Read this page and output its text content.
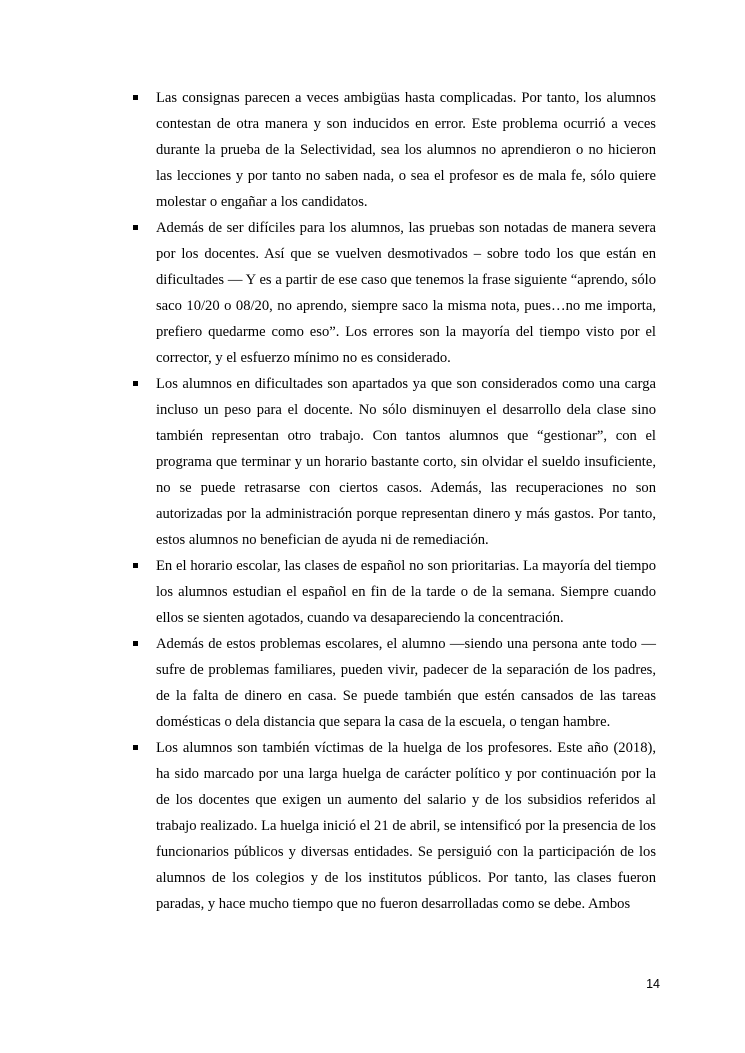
Las consignas parecen a veces ambigüas hasta complicadas. Por tanto, los alumnos contestan de otra manera y son inducidos en error. Este problema ocurrió a veces durante la prueba de la Selectividad, sea los alumnos no aprendieron o no hicieron las lecciones y por tanto no saben nada, o sea el profesor es de mala fe, sólo quiere molestar o engañar a los candidatos.
Además de ser difíciles para los alumnos, las pruebas son notadas de manera severa por los docentes. Así que se vuelven desmotivados – sobre todo los que están en dificultades ― Y es a partir de ese caso que tenemos la frase siguiente “aprendo, sólo saco 10/20 o 08/20, no aprendo, siempre saco la misma nota, pues…no me importa, prefiero quedarme como eso”. Los errores son la mayoría del tiempo visto por el corrector, y el esfuerzo mínimo no es considerado.
Los alumnos en dificultades son apartados ya que son considerados como una carga incluso un peso para el docente. No sólo disminuyen el desarrollo dela clase sino también representan otro trabajo. Con tantos alumnos que “gestionar”, con el programa que terminar y un horario bastante corto, sin olvidar el sueldo insuficiente, no se puede retrasarse con ciertos casos. Además, las recuperaciones no son autorizadas por la administración porque representan dinero y más gastos. Por tanto, estos alumnos no benefician de ayuda ni de remediación.
En el horario escolar, las clases de español no son prioritarias. La mayoría del tiempo los alumnos estudian el español en fin de la tarde o de la semana. Siempre cuando ellos se sienten agotados, cuando va desapareciendo la concentración.
Además de estos problemas escolares, el alumno —siendo una persona ante todo — sufre de problemas familiares, pueden vivir, padecer de la separación de los padres, de la falta de dinero en casa. Se puede también que estén cansados de las tareas domésticas o dela distancia que separa la casa de la escuela, o tengan hambre.
Los alumnos son también víctimas de la huelga de los profesores. Este año (2018), ha sido marcado por una larga huelga de carácter político y por continuación por la de los docentes que exigen un aumento del salario y de los subsidios referidos al trabajo realizado. La huelga inició el 21 de abril, se intensificó por la presencia de los funcionarios públicos y diversas entidades. Se persiguió con la participación de los alumnos de los colegios y de los institutos públicos. Por tanto, las clases fueron paradas, y hace mucho tiempo que no fueron desarrolladas como se debe. Ambos
14
